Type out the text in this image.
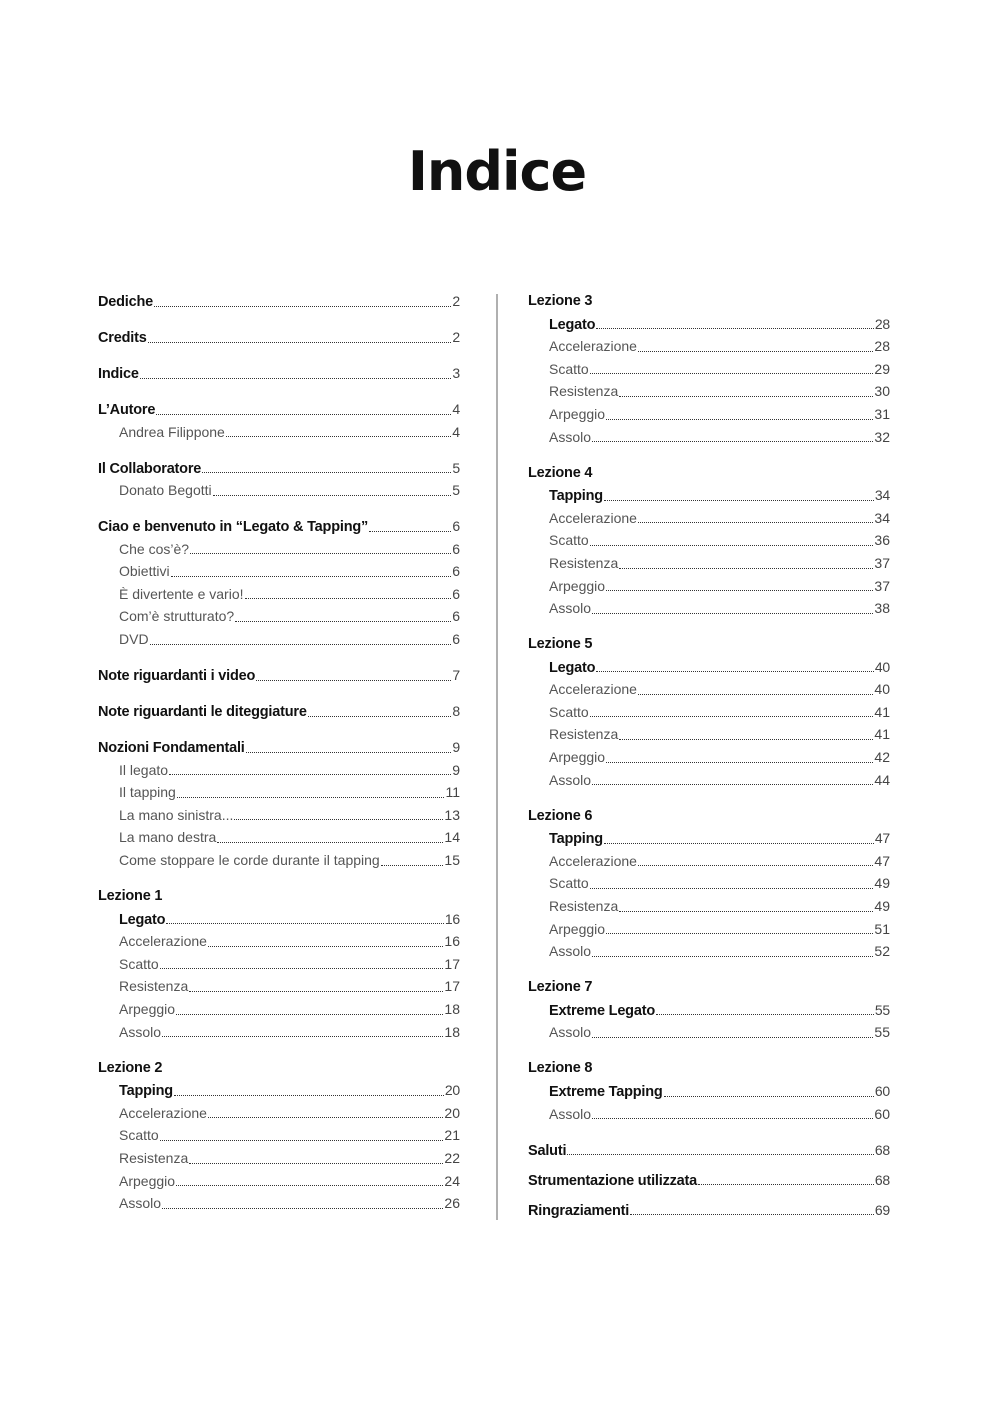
Indice
Dediche	2
Credits	2
Indice	3
L’Autore	4
Andrea Filippone	4
Il Collaboratore	5
Donato Begotti	5
Ciao e benvenuto in “Legato & Tapping”	6
Che cos’è?	6
Obiettivi	6
È divertente e vario!	6
Com’è strutturato?	6
DVD	6
Note riguardanti i video	7
Note riguardanti le diteggiature	8
Nozioni Fondamentali	9
Il legato	9
Il tapping	11
La mano sinistra...	13
La mano destra	14
Come stoppare le corde durante il tapping	15
Lezione 1
Legato	16
Accelerazione	16
Scatto	17
Resistenza	17
Arpeggio	18
Assolo	18
Lezione 2
Tapping	20
Accelerazione	20
Scatto	21
Resistenza	22
Arpeggio	24
Assolo	26
Lezione 3
Legato	28
Accelerazione	28
Scatto	29
Resistenza	30
Arpeggio	31
Assolo	32
Lezione 4
Tapping	34
Accelerazione	34
Scatto	36
Resistenza	37
Arpeggio	37
Assolo	38
Lezione 5
Legato	40
Accelerazione	40
Scatto	41
Resistenza	41
Arpeggio	42
Assolo	44
Lezione 6
Tapping	47
Accelerazione	47
Scatto	49
Resistenza	49
Arpeggio	51
Assolo	52
Lezione 7
Extreme Legato	55
Assolo	55
Lezione 8
Extreme Tapping	60
Assolo	60
Saluti	68
Strumentazione utilizzata	68
Ringraziamenti	69
